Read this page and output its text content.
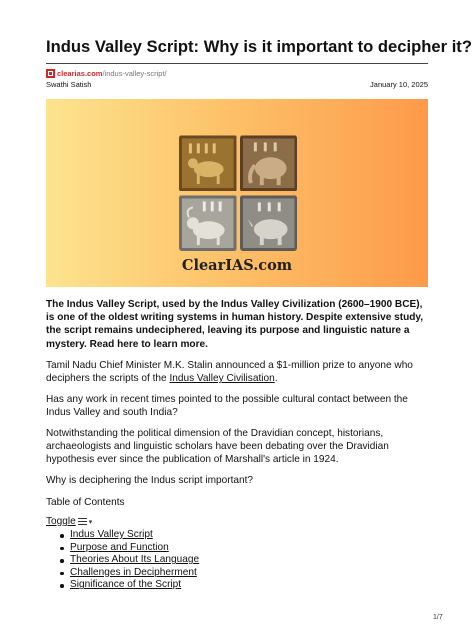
Indus Valley Script: Why is it important to decipher it?
clearias.com/indus-valley-script/
Swathi Satish	January 10, 2025
ClearIAS.com

The Indus Valley Script, used by the Indus Valley Civilization (2600–1900 BCE), is one of the oldest writing systems in human history. Despite extensive study, the script remains undeciphered, leaving its purpose and linguistic nature a mystery. Read here to learn more.

Tamil Nadu Chief Minister M.K. Stalin announced a $1-million prize to anyone who deciphers the scripts of the Indus Valley Civilisation.

Has any work in recent times pointed to the possible cultural contact between the Indus Valley and south India?

Notwithstanding the political dimension of the Dravidian concept, historians, archaeologists and linguistic scholars have been debating over the Dravidian hypothesis ever since the publication of Marshall's article in 1924.

Why is deciphering the Indus script important?

Table of Contents

Toggle ▾
Indus Valley Script
Purpose and Function
Theories About Its Language
Challenges in Decipherment
Significance of the Script
1/7
